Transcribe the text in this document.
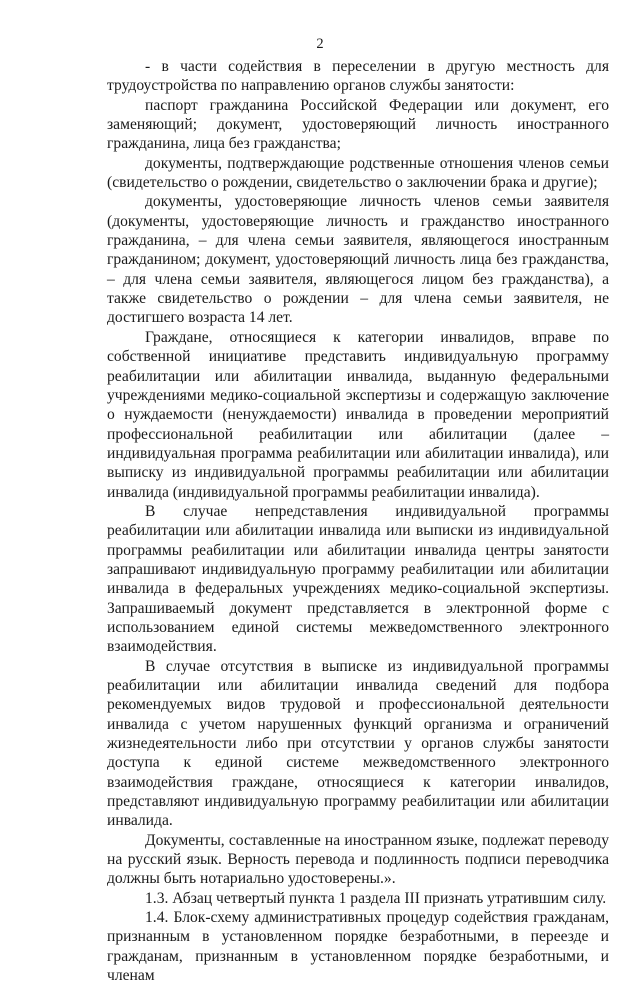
2

- в части содействия в переселении в другую местность для трудоустройства по направлению органов службы занятости:

паспорт гражданина Российской Федерации или документ, его заменяющий; документ, удостоверяющий личность иностранного гражданина, лица без гражданства;

документы, подтверждающие родственные отношения членов семьи (свидетельство о рождении, свидетельство о заключении брака и другие);

документы, удостоверяющие личность членов семьи заявителя (документы, удостоверяющие личность и гражданство иностранного гражданина, – для члена семьи заявителя, являющегося иностранным гражданином; документ, удостоверяющий личность лица без гражданства, – для члена семьи заявителя, являющегося лицом без гражданства), а также свидетельство о рождении – для члена семьи заявителя, не достигшего возраста 14 лет.

Граждане, относящиеся к категории инвалидов, вправе по собственной инициативе представить индивидуальную программу реабилитации или абилитации инвалида, выданную федеральными учреждениями медико-социальной экспертизы и содержащую заключение о нуждаемости (ненуждаемости) инвалида в проведении мероприятий профессиональной реабилитации или абилитации (далее – индивидуальная программа реабилитации или абилитации инвалида), или выписку из индивидуальной программы реабилитации или абилитации инвалида (индивидуальной программы реабилитации инвалида).

В случае непредставления индивидуальной программы реабилитации или абилитации инвалида или выписки из индивидуальной программы реабилитации или абилитации инвалида центры занятости запрашивают индивидуальную программу реабилитации или абилитации инвалида в федеральных учреждениях медико-социальной экспертизы. Запрашиваемый документ представляется в электронной форме с использованием единой системы межведомственного электронного взаимодействия.

В случае отсутствия в выписке из индивидуальной программы реабилитации или абилитации инвалида сведений для подбора рекомендуемых видов трудовой и профессиональной деятельности инвалида с учетом нарушенных функций организма и ограничений жизнедеятельности либо при отсутствии у органов службы занятости доступа к единой системе межведомственного электронного взаимодействия граждане, относящиеся к категории инвалидов, представляют индивидуальную программу реабилитации или абилитации инвалида.

Документы, составленные на иностранном языке, подлежат переводу на русский язык. Верность перевода и подлинность подписи переводчика должны быть нотариально удостоверены.».

1.3. Абзац четвертый пункта 1 раздела III признать утратившим силу.

1.4. Блок-схему административных процедур содействия гражданам, признанным в установленном порядке безработными, в переезде и гражданам, признанным в установленном порядке безработными, и членам
